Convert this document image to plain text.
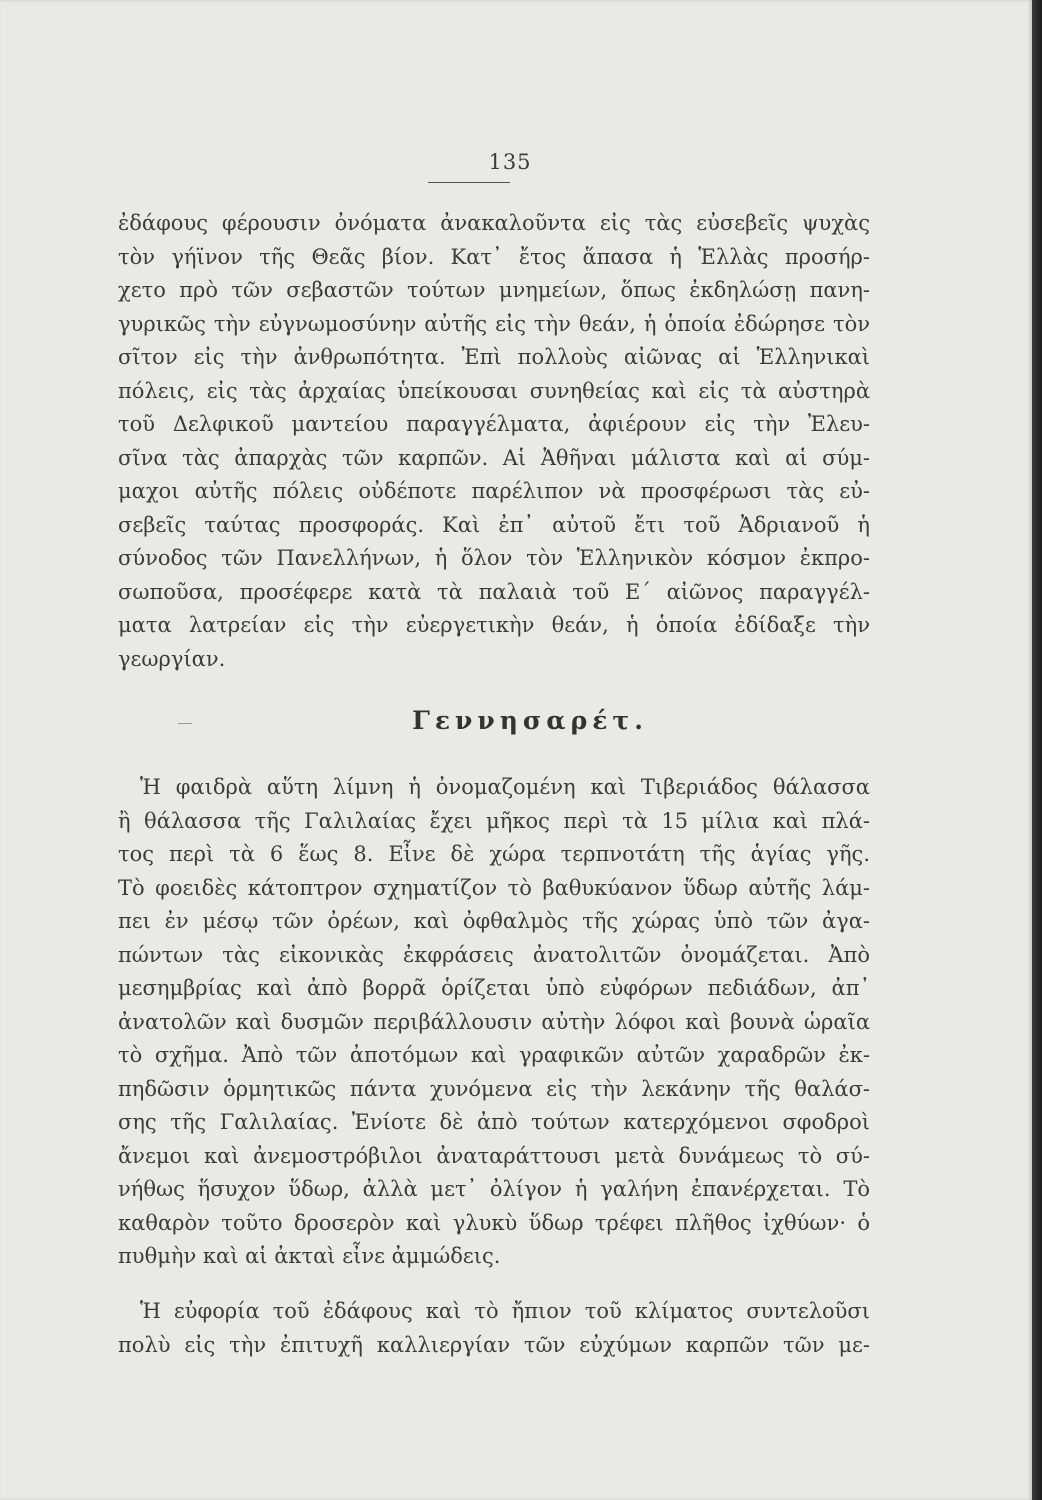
135
ἐδάφους φέρουσιν ὀνόματα ἀνακαλοῦντα εἰς τὰς εὐσεβεῖς ψυχὰς
τὸν γήϊνον τῆς Θεᾶς βίον. Κατ᾽ ἔτος ἅπασα ἡ Ἑλλὰς προσήρ-
χετο πρὸ τῶν σεβαστῶν τούτων μνημείων, ὅπως ἐκδηλώσῃ πανη-
γυρικῶς τὴν εὐγνωμοσύνην αὐτῆς εἰς τὴν θεάν, ἡ ὁποία ἐδώρησε τὸν
σῖτον εἰς τὴν ἀνθρωπότητα. Ἐπὶ πολλοὺς αἰῶνας αἱ Ἑλληνικαὶ
πόλεις, εἰς τὰς ἀρχαίας ὑπείκουσαι συνηθείας καὶ εἰς τὰ αὐστηρὰ
τοῦ Δελφικοῦ μαντείου παραγγέλματα, ἀφιέρουν εἰς τὴν Ἐλευ-
σῖνα τὰς ἀπαρχὰς τῶν καρπῶν. Αἱ Ἀθῆναι μάλιστα καὶ αἱ σύμ-
μαχοι αὐτῆς πόλεις οὐδέποτε παρέλιπον νὰ προσφέρωσι τὰς εὐ-
σεβεῖς ταύτας προσφοράς. Καὶ ἐπ᾽ αὐτοῦ ἔτι τοῦ Ἀδριανοῦ ἡ
σύνοδος τῶν Πανελλήνων, ἡ ὅλον τὸν Ἑλληνικὸν κόσμον ἐκπρο-
σωποῦσα, προσέφερε κατὰ τὰ παλαιὰ τοῦ Ε΄ αἰῶνος παραγγέλ-
ματα λατρείαν εἰς τὴν εὐεργετικὴν θεάν, ἡ ὁποία ἐδίδαξε τὴν
γεωργίαν.
Γεννησαρέτ.
Ἡ φαιδρὰ αὕτη λίμνη ἡ ὀνομαζομένη καὶ Τιβεριάδος θάλασσα
ἢ θάλασσα τῆς Γαλιλαίας ἔχει μῆκος περὶ τὰ 15 μίλια καὶ πλά-
τος περὶ τὰ 6 ἕως 8. Εἶνε δὲ χώρα τερπνοτάτη τῆς ἁγίας γῆς.
Τὸ φοειδὲς κάτοπτρον σχηματίζον τὸ βαθυκύανον ὕδωρ αὐτῆς λάμ-
πει ἐν μέσῳ τῶν ὀρέων, καὶ ὀφθαλμὸς τῆς χώρας ὑπὸ τῶν ἀγα-
πώντων τὰς εἰκονικὰς ἐκφράσεις ἀνατολιτῶν ὀνομάζεται. Ἀπὸ
μεσημβρίας καὶ ἀπὸ βορρᾶ ὁρίζεται ὑπὸ εὐφόρων πεδιάδων, ἀπ᾽
ἀνατολῶν καὶ δυσμῶν περιβάλλουσιν αὐτὴν λόφοι καὶ βουνὰ ὡραῖα
τὸ σχῆμα. Ἀπὸ τῶν ἀποτόμων καὶ γραφικῶν αὐτῶν χαραδρῶν ἐκ-
πηδῶσιν ὁρμητικῶς πάντα χυνόμενα εἰς τὴν λεκάνην τῆς θαλάσ-
σης τῆς Γαλιλαίας. Ἐνίοτε δὲ ἀπὸ τούτων κατερχόμενοι σφοδροὶ
ἄνεμοι καὶ ἀνεμοστρόβιλοι ἀναταράττουσι μετὰ δυνάμεως τὸ σύ-
νήθως ἥσυχον ὕδωρ, ἀλλὰ μετ᾽ ὀλίγον ἡ γαλήνη ἐπανέρχεται. Τὸ
καθαρὸν τοῦτο δροσερὸν καὶ γλυκὺ ὕδωρ τρέφει πλῆθος ἰχθύων· ὁ
πυθμὴν καὶ αἱ ἀκταὶ εἶνε ἀμμώδεις.
Ἡ εὐφορία τοῦ ἐδάφους καὶ τὸ ἤπιον τοῦ κλίματος συντελοῦσι
πολὺ εἰς τὴν ἐπιτυχῆ καλλιεργίαν τῶν εὐχύμων καρπῶν τῶν με-
